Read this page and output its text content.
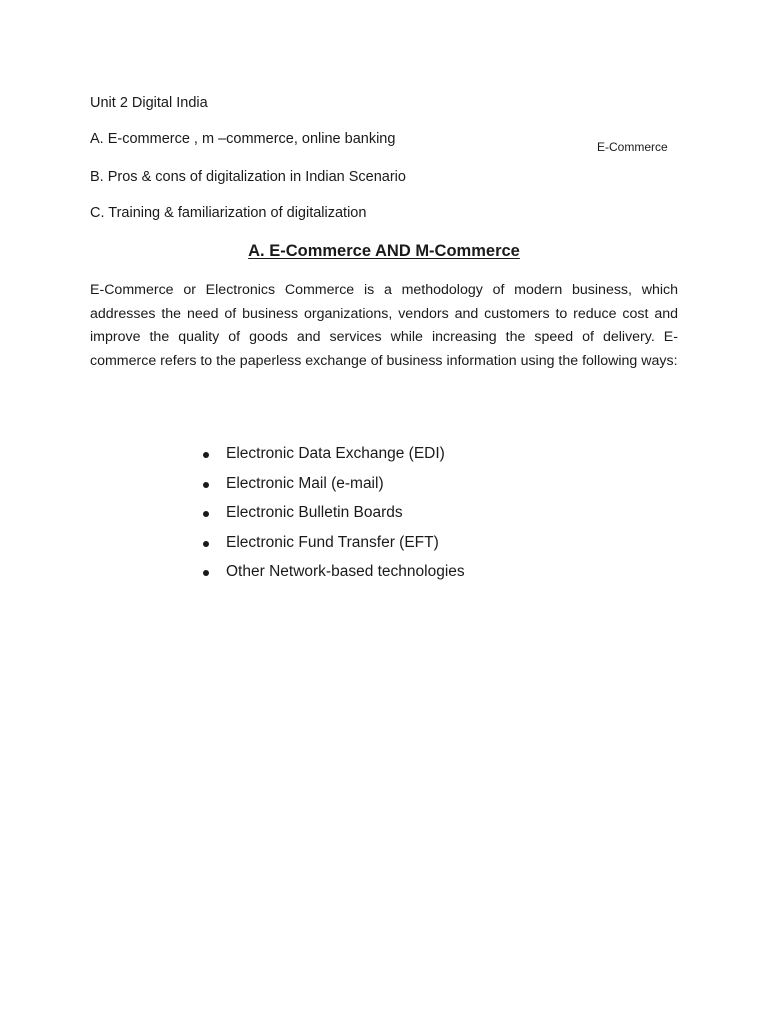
Unit 2 Digital India
E-Commerce
A. E-commerce , m –commerce, online banking
B. Pros & cons of digitalization in Indian Scenario
C. Training & familiarization of digitalization
A. E-Commerce AND M-Commerce

E-Commerce or Electronics Commerce is a methodology of modern business, which addresses the need of business organizations, vendors and customers to reduce cost and improve the quality of goods and services while increasing the speed of delivery. E-commerce refers to the paperless exchange of business information using the following ways:

Electronic Data Exchange (EDI)
Electronic Mail (e-mail)
Electronic Bulletin Boards
Electronic Fund Transfer (EFT)
Other Network-based technologies
